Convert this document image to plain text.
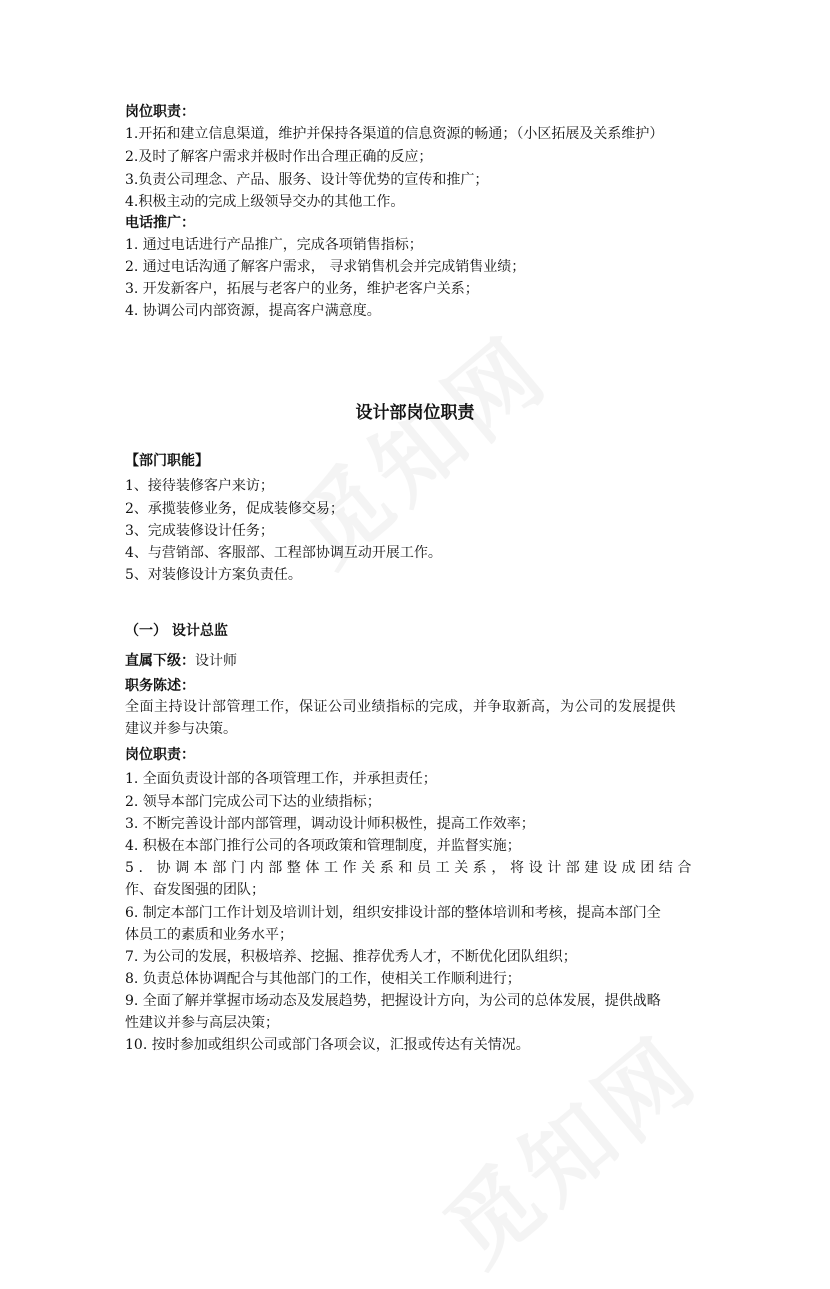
岗位职责：
1.开拓和建立信息渠道，维护并保持各渠道的信息资源的畅通；（小区拓展及关系维护）
2.及时了解客户需求并极时作出合理正确的反应；
3.负责公司理念、产品、服务、设计等优势的宣传和推广；
4.积极主动的完成上级领导交办的其他工作。
电话推广：
1. 通过电话进行产品推广，完成各项销售指标；
2. 通过电话沟通了解客户需求， 寻求销售机会并完成销售业绩；
3. 开发新客户，拓展与老客户的业务，维护老客户关系；
4. 协调公司内部资源，提高客户满意度。
设计部岗位职责
【部门职能】
1、接待装修客户来访；
2、承揽装修业务，促成装修交易；
3、完成装修设计任务；
4、与营销部、客服部、工程部协调互动开展工作。
5、对装修设计方案负责任。
（一） 设计总监
直属下级：设计师
职务陈述：
全面主持设计部管理工作，保证公司业绩指标的完成，并争取新高，为公司的发展提供
建议并参与决策。
岗位职责：
1. 全面负责设计部的各项管理工作，并承担责任；
2. 领导本部门完成公司下达的业绩指标；
3. 不断完善设计部内部管理，调动设计师积极性，提高工作效率；
4. 积极在本部门推行公司的各项政策和管理制度，并监督实施；
5. 协调本部门内部整体工作关系和员工关系，将设计部建设成团结合
作、奋发图强的团队；
6. 制定本部门工作计划及培训计划，组织安排设计部的整体培训和考核，提高本部门全
体员工的素质和业务水平；
7. 为公司的发展，积极培养、挖掘、推荐优秀人才，不断优化团队组织；
8. 负责总体协调配合与其他部门的工作，使相关工作顺利进行；
9. 全面了解并掌握市场动态及发展趋势，把握设计方向，为公司的总体发展，提供战略
性建议并参与高层决策；
10. 按时参加或组织公司或部门各项会议，汇报或传达有关情况。
